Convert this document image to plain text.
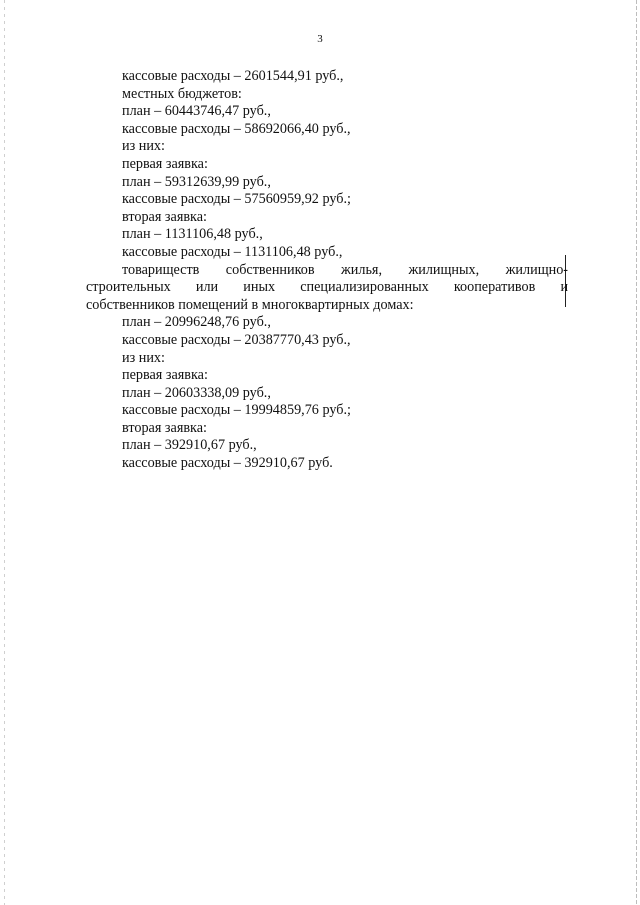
3
кассовые расходы – 2601544,91 руб.,
местных бюджетов:
план – 60443746,47 руб.,
кассовые расходы – 58692066,40 руб.,
из них:
первая заявка:
план – 59312639,99 руб.,
кассовые расходы – 57560959,92 руб.;
вторая заявка:
план – 1131106,48 руб.,
кассовые расходы – 1131106,48 руб.,
товариществ собственников жилья, жилищных, жилищно-
строительных или иных специализированных кооперативов и
собственников помещений в многоквартирных домах:
план – 20996248,76 руб.,
кассовые расходы – 20387770,43 руб.,
из них:
первая заявка:
план – 20603338,09 руб.,
кассовые расходы – 19994859,76 руб.;
вторая заявка:
план – 392910,67 руб.,
кассовые расходы – 392910,67 руб.
